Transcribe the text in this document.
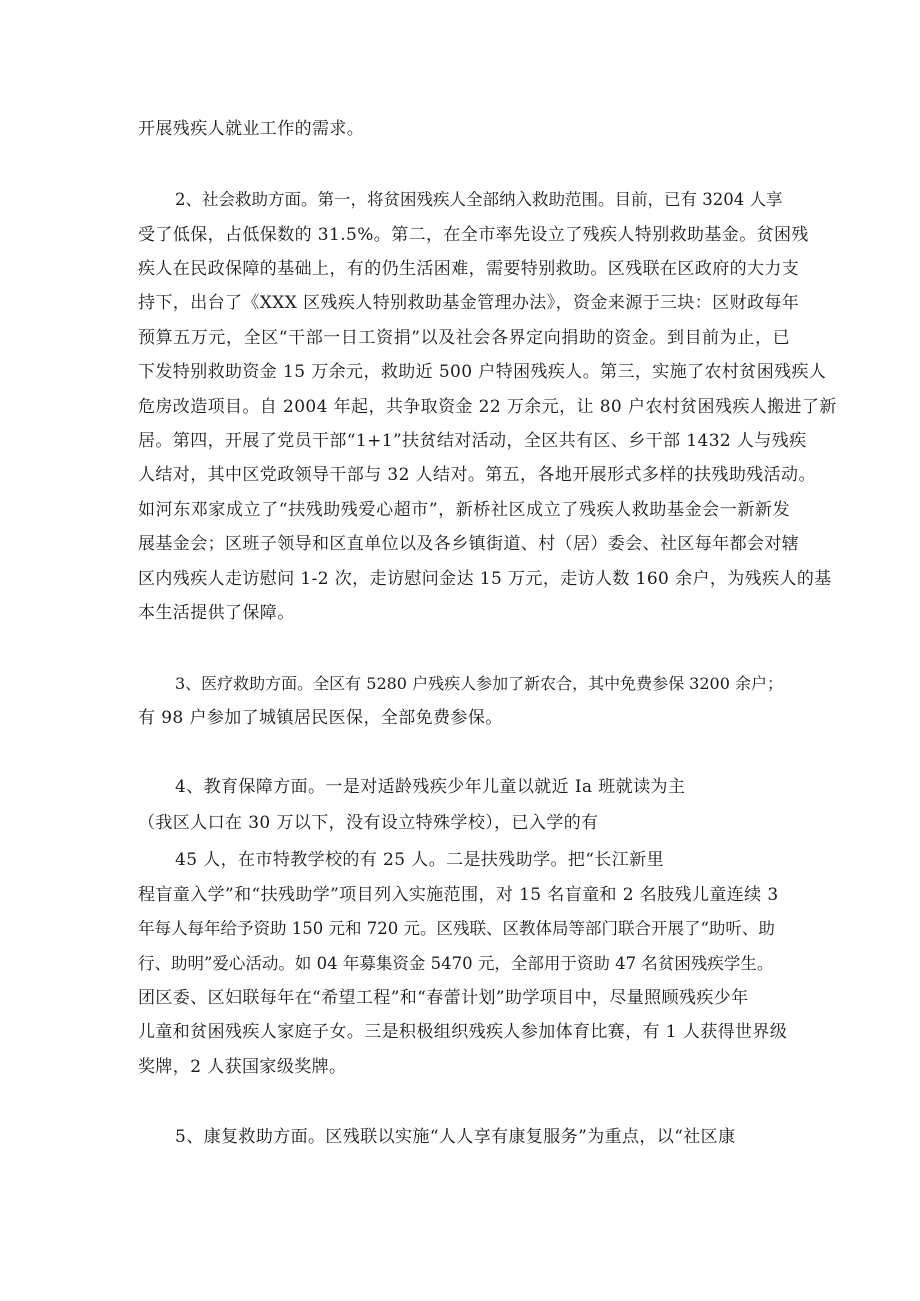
开展残疾人就业工作的需求。
2、社会救助方面。第一，将贫困残疾人全部纳入救助范围。目前，已有 3204 人享
受了低保，占低保数的 31.5%。第二，在全市率先设立了残疾人特别救助基金。贫困残
疾人在民政保障的基础上，有的仍生活困难，需要特别救助。区残联在区政府的大力支
持下，出台了《XXX 区残疾人特别救助基金管理办法》，资金来源于三块：区财政每年
预算五万元，全区“干部一日工资捐”以及社会各界定向捐助的资金。到目前为止，已
下发特别救助资金 15 万余元，救助近 500 户特困残疾人。第三，实施了农村贫困残疾人
危房改造项目。自 2004 年起，共争取资金 22 万余元，让 80 户农村贫困残疾人搬进了新
居。第四，开展了党员干部“1+1”扶贫结对活动，全区共有区、乡干部 1432 人与残疾
人结对，其中区党政领导干部与 32 人结对。第五，各地开展形式多样的扶残助残活动。
如河东邓家成立了“扶残助残爱心超市”，新桥社区成立了残疾人救助基金会一新新发
展基金会；区班子领导和区直单位以及各乡镇街道、村（居）委会、社区每年都会对辖
区内残疾人走访慰问 1-2 次，走访慰问金达 15 万元，走访人数 160 余户，为残疾人的基
本生活提供了保障。
3、医疗救助方面。全区有 5280 户残疾人参加了新农合，其中免费参保 3200 余户；
有 98 户参加了城镇居民医保，全部免费参保。
4、教育保障方面。一是对适龄残疾少年儿童以就近 Ia 班就读为主
（我区人口在 30 万以下，没有设立特殊学校），已入学的有
45 人，在市特教学校的有 25 人。二是扶残助学。把“长江新里
程盲童入学”和“扶残助学”项目列入实施范围，对 15 名盲童和 2 名肢残儿童连续 3
年每人每年给予资助 150 元和 720 元。区残联、区教体局等部门联合开展了“助听、助
行、助明”爱心活动。如 04 年募集资金 5470 元，全部用于资助 47 名贫困残疾学生。
团区委、区妇联每年在“希望工程”和“春蕾计划”助学项目中，尽量照顾残疾少年
儿童和贫困残疾人家庭子女。三是积极组织残疾人参加体育比赛，有 1 人获得世界级
奖牌，2 人获国家级奖牌。
5、康复救助方面。区残联以实施“人人享有康复服务”为重点，以“社区康
